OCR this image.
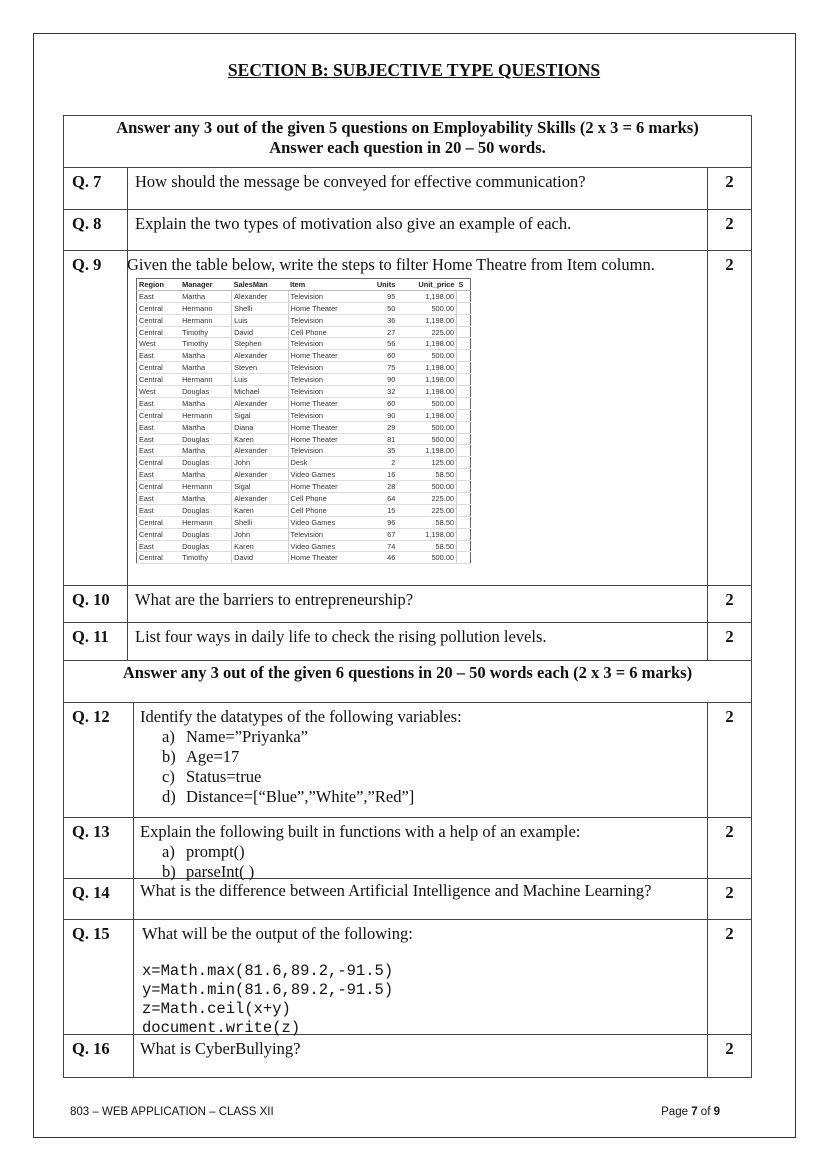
SECTION B: SUBJECTIVE TYPE QUESTIONS
Answer any 3 out of the given 5 questions on Employability Skills (2 x 3 = 6 marks)
Answer each question in 20 – 50 words.
Q. 7	How should the message be conveyed for effective communication?	2
Q. 8	Explain the two types of motivation also give an example of each.	2
Q. 9	Given the table below, write the steps to filter Home Theatre from Item column.
Region	Manager	SalesMan	Item	Units	Unit_price	S
East	Martha	Alexander	Television	95	1,198.00	
Central	Hermann	Shelli	Home Theater	50	500.00	
Central	Hermann	Luis	Television	36	1,198.00	
Central	Timothy	David	Cell Phone	27	225.00	
West	Timothy	Stephen	Television	56	1,198.00	
East	Martha	Alexander	Home Theater	60	500.00	
Central	Martha	Steven	Television	75	1,198.00	
Central	Hermann	Luis	Television	90	1,198.00	
West	Douglas	Michael	Television	32	1,198.00	
East	Martha	Alexander	Home Theater	60	500.00	
Central	Hermann	Sigal	Television	90	1,198.00	
East	Martha	Diana	Home Theater	29	500.00	
East	Douglas	Karen	Home Theater	81	500.00	
East	Martha	Alexander	Television	35	1,198.00	
Central	Douglas	John	Desk	2	125.00	
East	Martha	Alexander	Video Games	16	58.50	
Central	Hermann	Sigal	Home Theater	28	500.00	
East	Martha	Alexander	Cell Phone	64	225.00	
East	Douglas	Karen	Cell Phone	15	225.00	
Central	Hermann	Shelli	Video Games	96	58.50	
Central	Douglas	John	Television	67	1,198.00	
East	Douglas	Karen	Video Games	74	58.50	
Central	Timothy	David	Home Theater	46	500.00	
2
Q. 10	What are the barriers to entrepreneurship?	2
Q. 11	List four ways in daily life to check the rising pollution levels.	2
Answer any 3 out of the given 6 questions in 20 – 50 words each (2 x 3 = 6 marks)
Q. 12	Identify the datatypes of the following variables:
a) Name=”Priyanka”
b) Age=17
c) Status=true
d) Distance=[“Blue”,”White”,”Red”]
2
Q. 13	Explain the following built in functions with a help of an example:
a) prompt()
b) parseInt( )
2
Q. 14	What is the difference between Artificial Intelligence and Machine Learning?	2
Q. 15	What will be the output of the following:
x=Math.max(81.6,89.2,-91.5)
y=Math.min(81.6,89.2,-91.5)
z=Math.ceil(x+y)
document.write(z)
2
Q. 16	What is CyberBullying?	2
803 – WEB APPLICATION – CLASS XII	Page 7 of 9
